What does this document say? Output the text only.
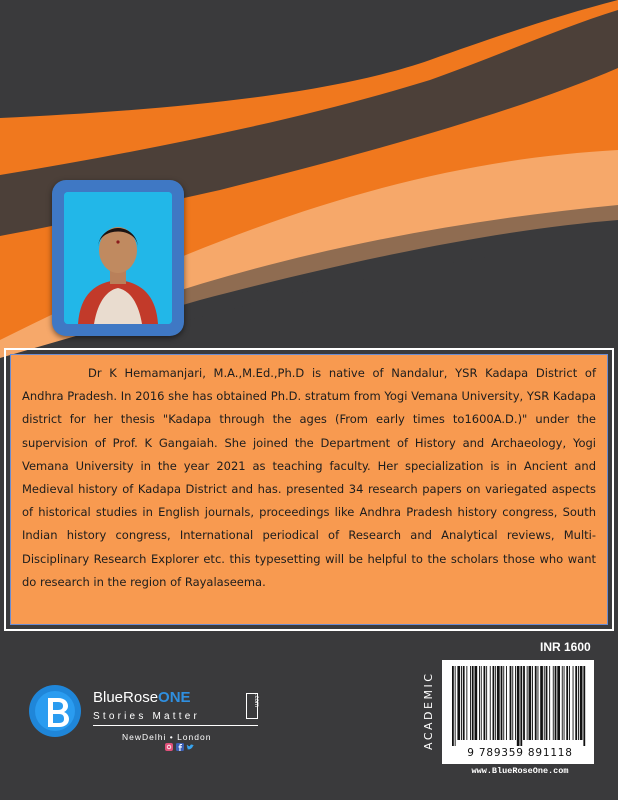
Dr K Hemamanjari, M.A.,M.Ed.,Ph.D is native of Nandalur, YSR Kadapa District of Andhra Pradesh. In 2016 she has obtained Ph.D. stratum from Yogi Vemana University, YSR Kadapa district for her thesis "Kadapa through the ages (From early times to1600A.D.)" under the supervision of Prof. K Gangaiah. She joined the Department of History and Archaeology, Yogi Vemana University in the year 2021 as teaching faculty. Her specialization is in Ancient and Medieval history of Kadapa District and has. presented 34 research papers on variegated aspects of historical studies in English journals, proceedings like Andhra Pradesh history congress, South Indian history congress, International periodical of Research and Analytical reviews, Multi-Disciplinary Research Explorer etc. this typesetting will be helpful to the scholars those who want do research in the region of Rayalaseema.

INR 1600
ACADEMIC
9 789359 891118
www.BlueRoseOne.com
BlueRoseONE
Stories Matter
.com
NewDelhi • London
